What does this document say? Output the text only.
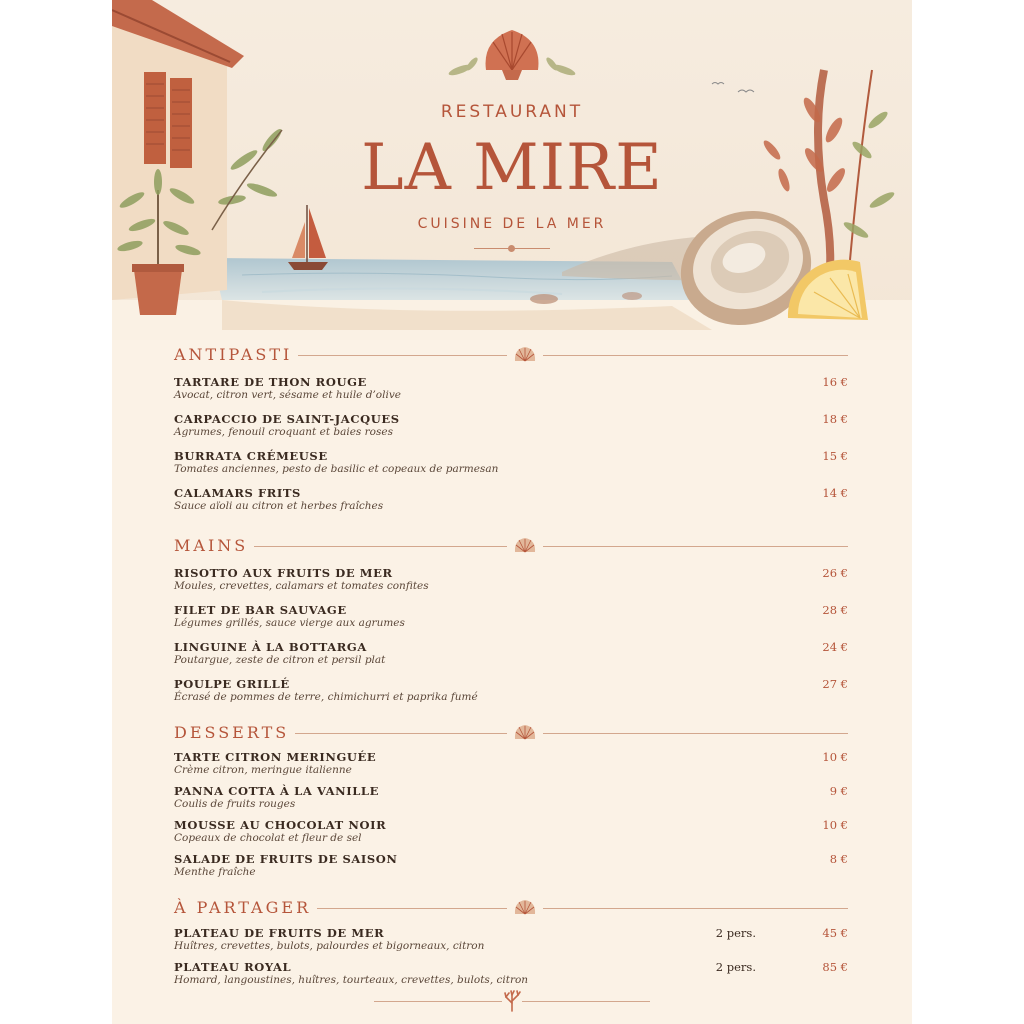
RESTAURANT
LA MIRE
CUISINE DE LA MER
ANTIPASTI
TARTARE DE THON ROUGE
Avocat, citron vert, sésame et huile d’olive
16 €
CARPACCIO DE SAINT-JACQUES
Agrumes, fenouil croquant et baies roses
18 €
BURRATA CRÉMEUSE
Tomates anciennes, pesto de basilic et copeaux de parmesan
15 €
CALAMARS FRITS
Sauce aïoli au citron et herbes fraîches
14 €
MAINS
RISOTTO AUX FRUITS DE MER
Moules, crevettes, calamars et tomates confites
26 €
FILET DE BAR SAUVAGE
Légumes grillés, sauce vierge aux agrumes
28 €
LINGUINE À LA BOTTARGA
Poutargue, zeste de citron et persil plat
24 €
POULPE GRILLÉ
Écrasé de pommes de terre, chimichurri et paprika fumé
27 €
DESSERTS
TARTE CITRON MERINGUÉE
Crème citron, meringue italienne
10 €
PANNA COTTA À LA VANILLE
Coulis de fruits rouges
9 €
MOUSSE AU CHOCOLAT NOIR
Copeaux de chocolat et fleur de sel
10 €
SALADE DE FRUITS DE SAISON
Menthe fraîche
8 €
À PARTAGER
PLATEAU DE FRUITS DE MER
Huîtres, crevettes, bulots, palourdes et bigorneaux, citron
2 pers.	45 €
PLATEAU ROYAL
Homard, langoustines, huîtres, tourteaux, crevettes, bulots, citron
2 pers.	85 €
